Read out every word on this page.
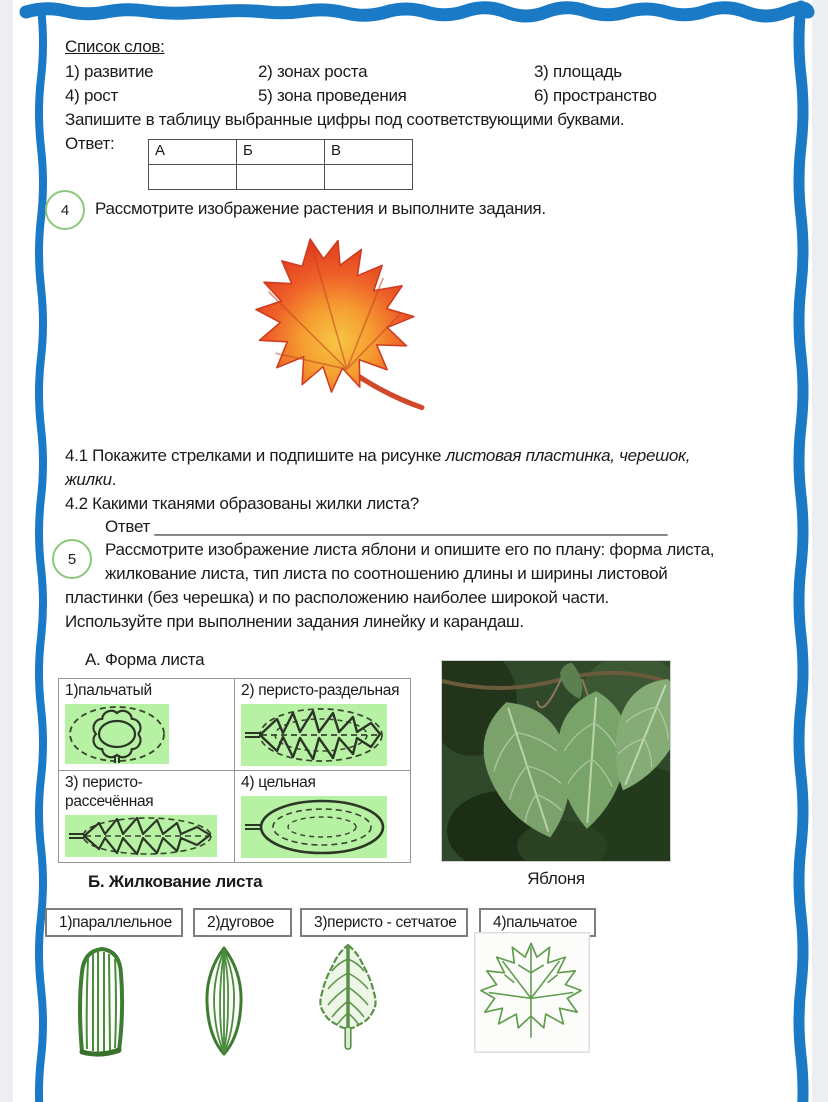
Список слов:
1) развитие	2) зонах роста	3) площадь
4) рост	5) зона проведения	6) пространство
Запишите в таблицу выбранные цифры под соответствующими буквами.
Ответ:	А	Б	В

4 Рассмотрите изображение растения и выполните задания.
4.1 Покажите стрелками и подпишите на рисунке листовая пластинка, черешок,
жилки.
4.2 Какими тканями образованы жилки листа?
Ответ ________________________________________________________
5 Рассмотрите изображение листа яблони и опишите его по плану: форма листа,
жилкование листа, тип листа по соотношению длины и ширины листовой
пластинки (без черешка) и по расположению наиболее широкой части.
Используйте при выполнении задания линейку и карандаш.
А. Форма листа
1)пальчатый	2) перисто-раздельная

3) перисто-
рассечённая	4) цельная
Яблоня
Б. Жилкование листа
1)параллельное 2)дуговое	3)перисто - сетчатое 4)пальчатое
